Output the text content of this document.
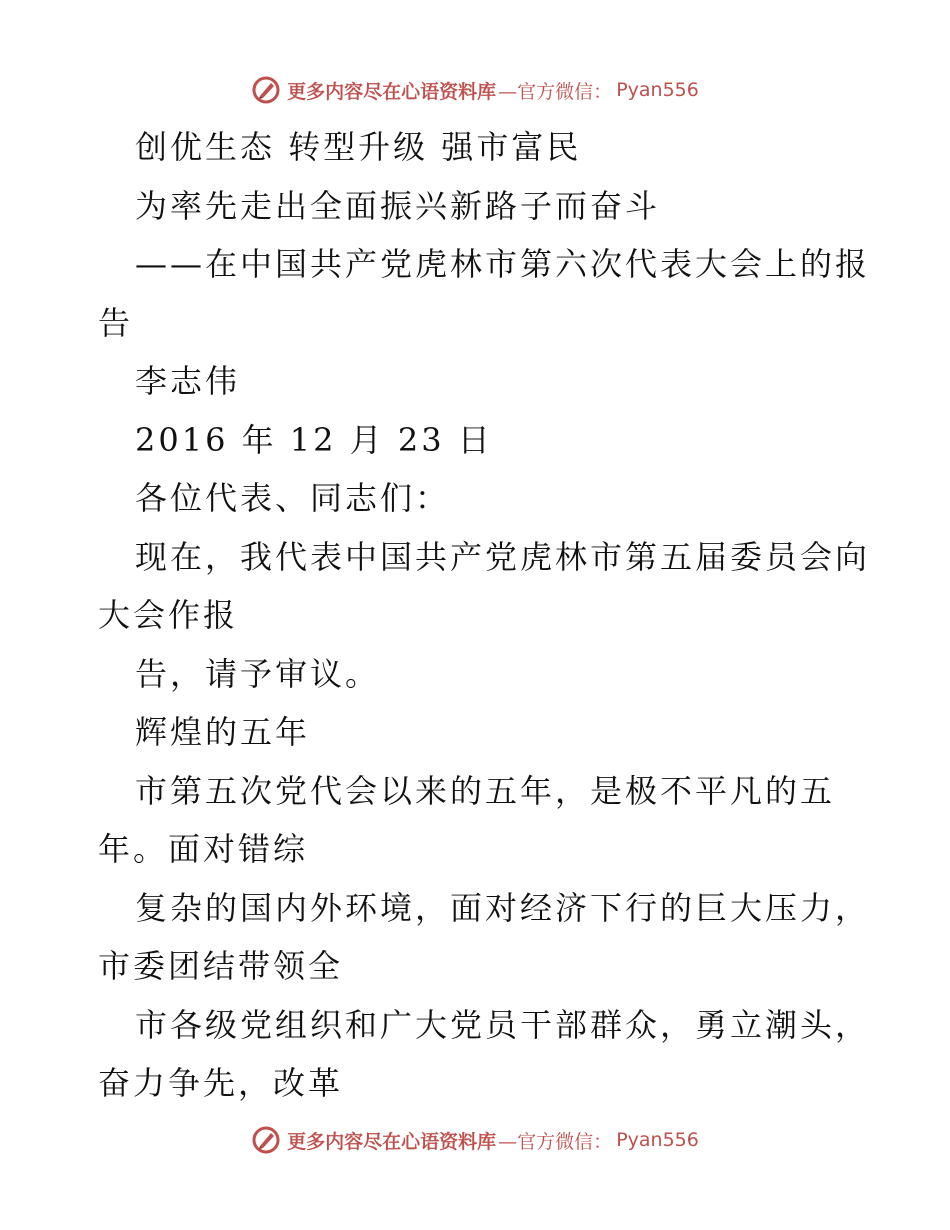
更多内容尽在心语资料库 —官方微信： Pyan556
创优生态 转型升级 强市富民
为率先走出全面振兴新路子而奋斗
——在中国共产党虎林市第六次代表大会上的报
告
李志伟
2016 年 12 月 23 日
各位代表、同志们：
现在，我代表中国共产党虎林市第五届委员会向
大会作报
告，请予审议。
辉煌的五年
市第五次党代会以来的五年，是极不平凡的五
年。面对错综
复杂的国内外环境，面对经济下行的巨大压力，
市委团结带领全
市各级党组织和广大党员干部群众，勇立潮头，
奋力争先，改革
更多内容尽在心语资料库 —官方微信： Pyan556
